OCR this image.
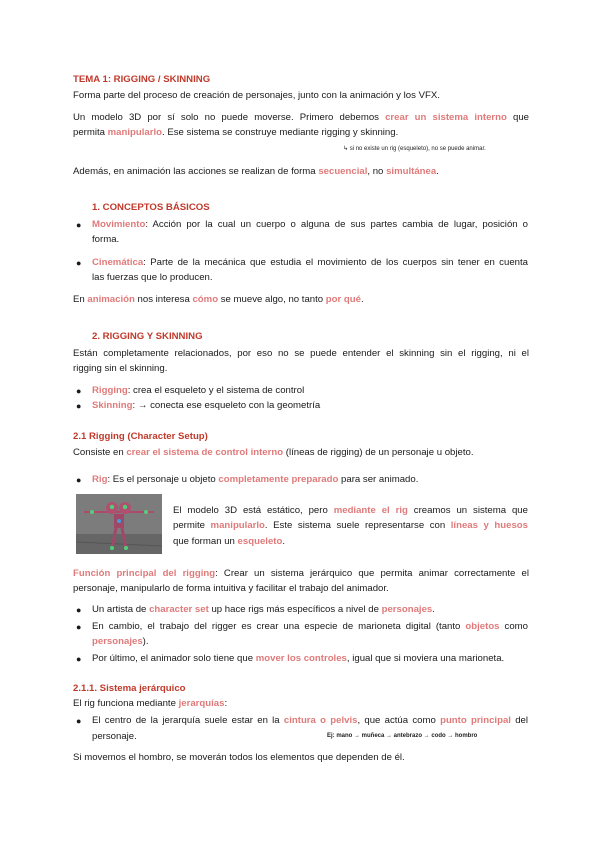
TEMA 1: RIGGING / SKINNING
Forma parte del proceso de creación de personajes, junto con la animación y los VFX.
Un modelo 3D por sí solo no puede moverse. Primero debemos crear un sistema interno que
permita manipularlo. Ese sistema se construye mediante rigging y skinning.
↳ si no existe un rig (esqueleto), no se puede animar.
Además, en animación las acciones se realizan de forma secuencial, no simultánea.
1. CONCEPTOS BÁSICOS
● Movimiento: Acción por la cual un cuerpo o alguna de sus partes cambia de lugar, posición o
forma.
● Cinemática: Parte de la mecánica que estudia el movimiento de los cuerpos sin tener en cuenta
las fuerzas que lo producen.
En animación nos interesa cómo se mueve algo, no tanto por qué.
2. RIGGING Y SKINNING
Están completamente relacionados, por eso no se puede entender el skinning sin el rigging, ni el
rigging sin el skinning.
● Rigging: crea el esqueleto y el sistema de control
● Skinning: → conecta ese esqueleto con la geometría
2.1 Rigging (Character Setup)
Consiste en crear el sistema de control interno (líneas de rigging) de un personaje u objeto.
● Rig: Es el personaje u objeto completamente preparado para ser animado.
El modelo 3D está estático, pero mediante el rig creamos un sistema que
permite manipularlo. Este sistema suele representarse con líneas y huesos
que forman un esqueleto.
Función principal del rigging: Crear un sistema jerárquico que permita animar correctamente el
personaje, manipularlo de forma intuitiva y facilitar el trabajo del animador.
● Un artista de character set up hace rigs más específicos a nivel de personajes.
● En cambio, el trabajo del rigger es crear una especie de marioneta digital (tanto objetos como
personajes).
● Por último, el animador solo tiene que mover los controles, igual que si moviera una marioneta.
2.1.1. Sistema jerárquico
El rig funciona mediante jerarquías:
● El centro de la jerarquía suele estar en la cintura o pelvis, que actúa como punto principal del
personaje.	Ej: mano → muñeca → antebrazo → codo → hombro
Si movemos el hombro, se moverán todos los elementos que dependen de él.
